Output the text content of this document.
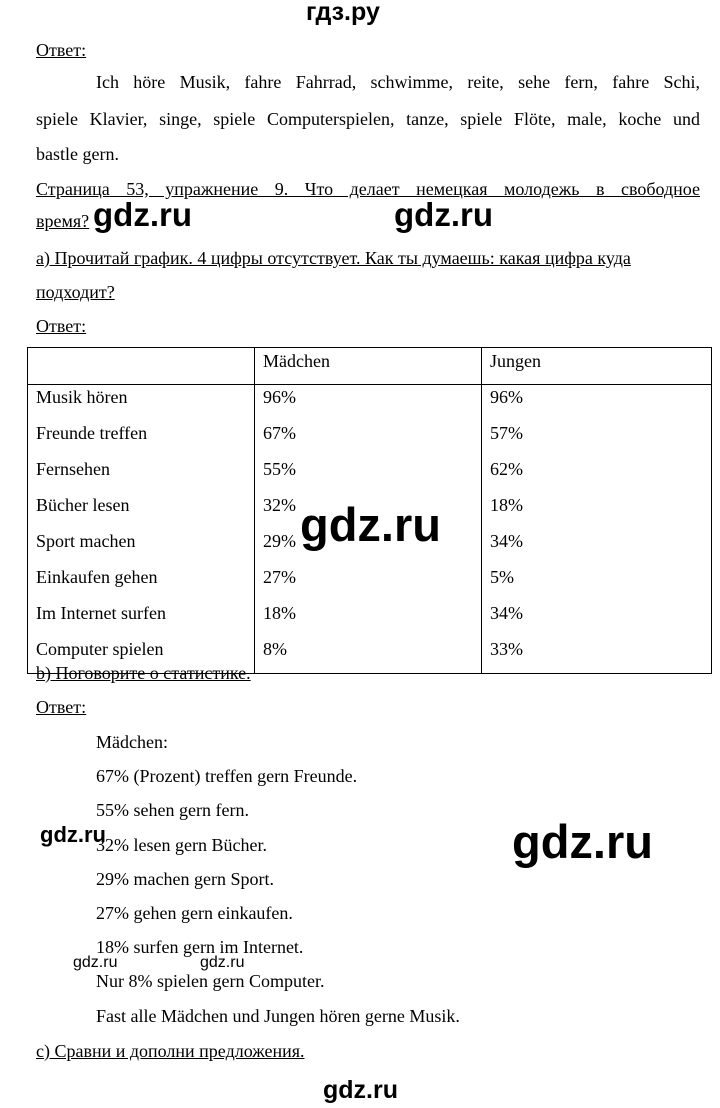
гдз.ру
Ответ:
Ich höre Musik, fahre Fahrrad, schwimme, reite, sehe fern, fahre Schi,
spiele Klavier, singe, spiele Computerspielen, tanze, spiele Flöte, male, koche und
bastle gern.
Страница 53, упражнение 9. Что делает немецкая молодежь в свободное
время? gdz.ru	gdz.ru
a) Прочитай график. 4 цифры отсутствует. Как ты думаешь: какая цифра куда
подходит?
Ответ:
	Mädchen	Jungen
Musik hören	96%	96%
Freunde treffen	67%	57%
Fernsehen	55%	62%
Bücher lesen	32%	18%
Sport machen	29%	34%
Einkaufen gehen	27%	5%
Im Internet surfen	18%	34%
Computer spielen	8%	33%
gdz.ru
b) Поговорите о статистике.
Ответ:
Mädchen:
67% (Prozent) treffen gern Freunde.
55% sehen gern fern.
32% lesen gern Bücher.
29% machen gern Sport.
27% gehen gern einkaufen.
18% surfen gern im Internet.
Nur 8% spielen gern Computer.
Fast alle Mädchen und Jungen hören gerne Musik.
gdz.ru	gdz.ru
gdz.ru	gdz.ru
c) Сравни и дополни предложения.
gdz.ru
